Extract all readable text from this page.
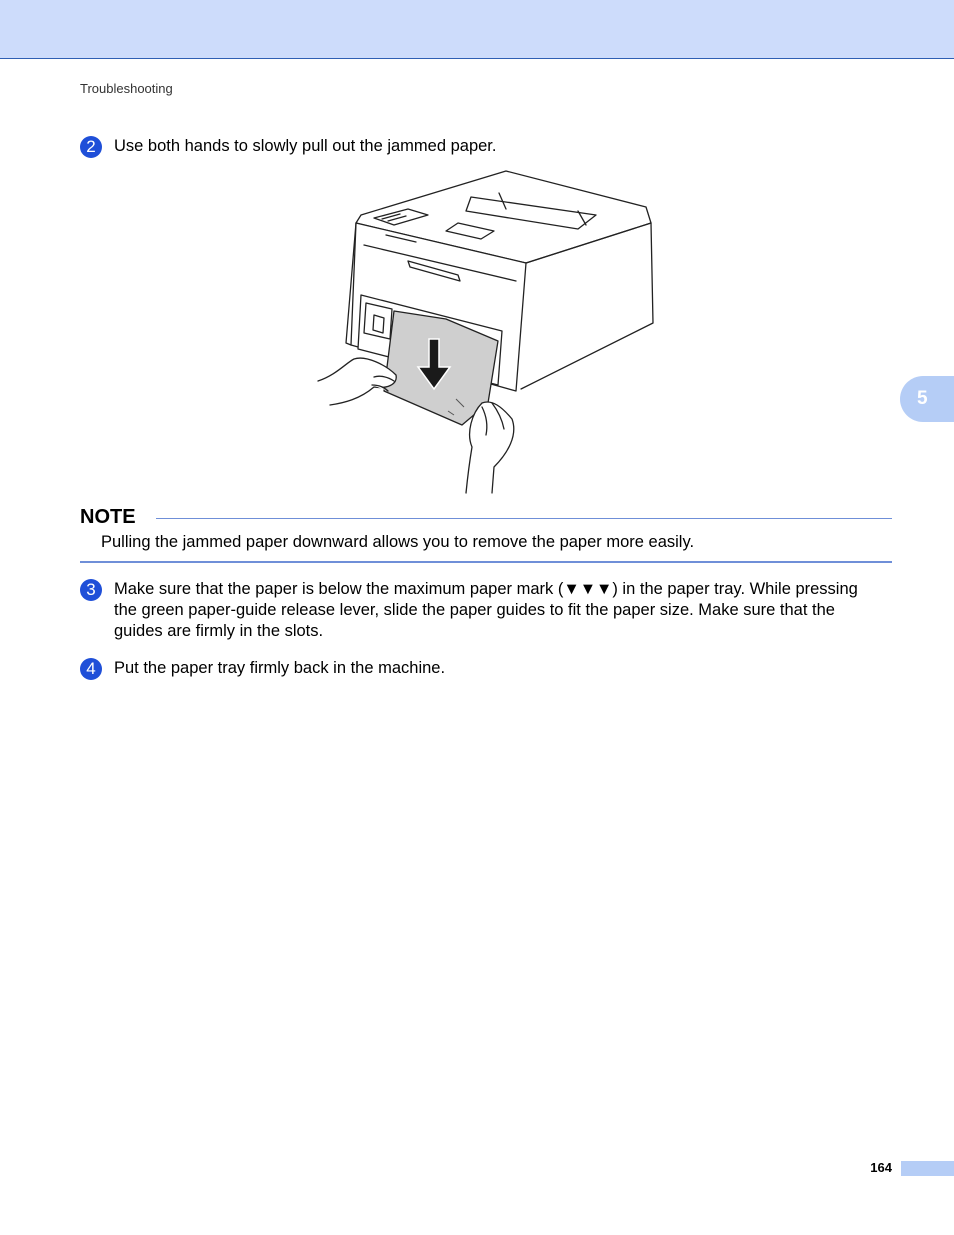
Troubleshooting
2	Use both hands to slowly pull out the jammed paper.
NOTE
Pulling the jammed paper downward allows you to remove the paper more easily.
3	Make sure that the paper is below the maximum paper mark (▼▼▼) in the paper tray. While pressing the green paper-guide release lever, slide the paper guides to fit the paper size. Make sure that the guides are firmly in the slots.
4	Put the paper tray firmly back in the machine.
5
164
